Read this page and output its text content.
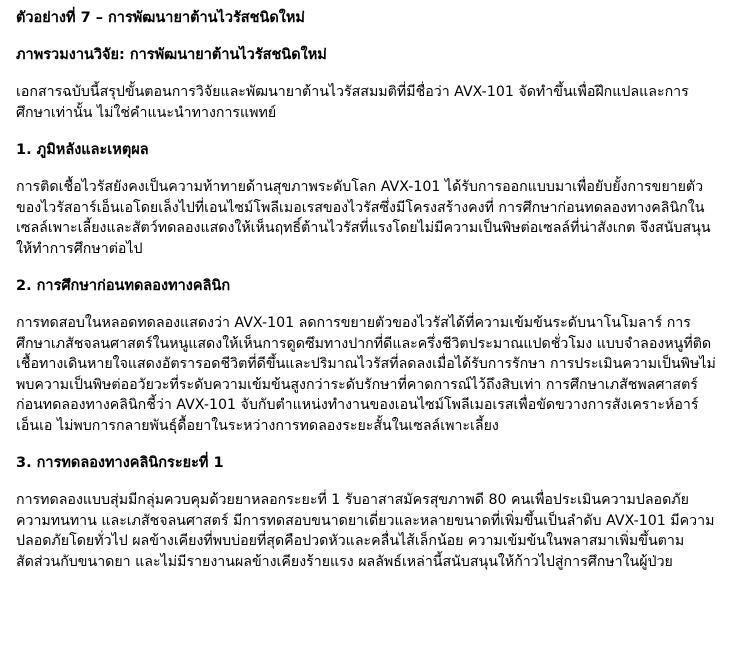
ตัวอย่างที่ 7 – การพัฒนายาต้านไวรัสชนิดใหม่
ภาพรวมงานวิจัย: การพัฒนายาต้านไวรัสชนิดใหม่

เอกสารฉบับนี้สรุปขั้นตอนการวิจัยและพัฒนายาต้านไวรัสสมมติที่มีชื่อว่า AVX-101 จัดทำขึ้นเพื่อฝึกแปลและการศึกษาเท่านั้น ไม่ใช่คำแนะนำทางการแพทย์

1. ภูมิหลังและเหตุผล

การติดเชื้อไวรัสยังคงเป็นความท้าทายด้านสุขภาพระดับโลก AVX-101 ได้รับการออกแบบมาเพื่อยับยั้งการขยายตัวของไวรัสอาร์เอ็นเอโดยเล็งไปที่เอนไซม์โพลีเมอเรสของไวรัสซึ่งมีโครงสร้างคงที่ การศึกษาก่อนทดลองทางคลินิกในเซลล์เพาะเลี้ยงและสัตว์ทดลองแสดงให้เห็นฤทธิ์ต้านไวรัสที่แรงโดยไม่มีความเป็นพิษต่อเซลล์ที่น่าสังเกต จึงสนับสนุนให้ทำการศึกษาต่อไป

2. การศึกษาก่อนทดลองทางคลินิก

การทดสอบในหลอดทดลองแสดงว่า AVX-101 ลดการขยายตัวของไวรัสได้ที่ความเข้มข้นระดับนาโนโมลาร์ การศึกษาเภสัชจลนศาสตร์ในหนูแสดงให้เห็นการดูดซึมทางปากที่ดีและครึ่งชีวิตประมาณแปดชั่วโมง แบบจำลองหนูที่ติดเชื้อทางเดินหายใจแสดงอัตรารอดชีวิตที่ดีขึ้นและปริมาณไวรัสที่ลดลงเมื่อได้รับการรักษา การประเมินความเป็นพิษไม่พบความเป็นพิษต่ออวัยวะที่ระดับความเข้มข้นสูงกว่าระดับรักษาที่คาดการณ์ไว้ถึงสิบเท่า การศึกษาเภสัชพลศาสตร์ก่อนทดลองทางคลินิกชี้ว่า AVX-101 จับกับตำแหน่งทำงานของเอนไซม์โพลีเมอเรสเพื่อขัดขวางการสังเคราะห์อาร์เอ็นเอ ไม่พบการกลายพันธุ์ดื้อยาในระหว่างการทดลองระยะสั้นในเซลล์เพาะเลี้ยง

3. การทดลองทางคลินิกระยะที่ 1

การทดลองแบบสุ่มมีกลุ่มควบคุมด้วยยาหลอกระยะที่ 1 รับอาสาสมัครสุขภาพดี 80 คนเพื่อประเมินความปลอดภัย ความทนทาน และเภสัชจลนศาสตร์ มีการทดสอบขนาดยาเดี่ยวและหลายขนาดที่เพิ่มขึ้นเป็นลำดับ AVX-101 มีความปลอดภัยโดยทั่วไป ผลข้างเคียงที่พบบ่อยที่สุดคือปวดหัวและคลื่นไส้เล็กน้อย ความเข้มข้นในพลาสมาเพิ่มขึ้นตามสัดส่วนกับขนาดยา และไม่มีรายงานผลข้างเคียงร้ายแรง ผลลัพธ์เหล่านี้สนับสนุนให้ก้าวไปสู่การศึกษาในผู้ป่วย
